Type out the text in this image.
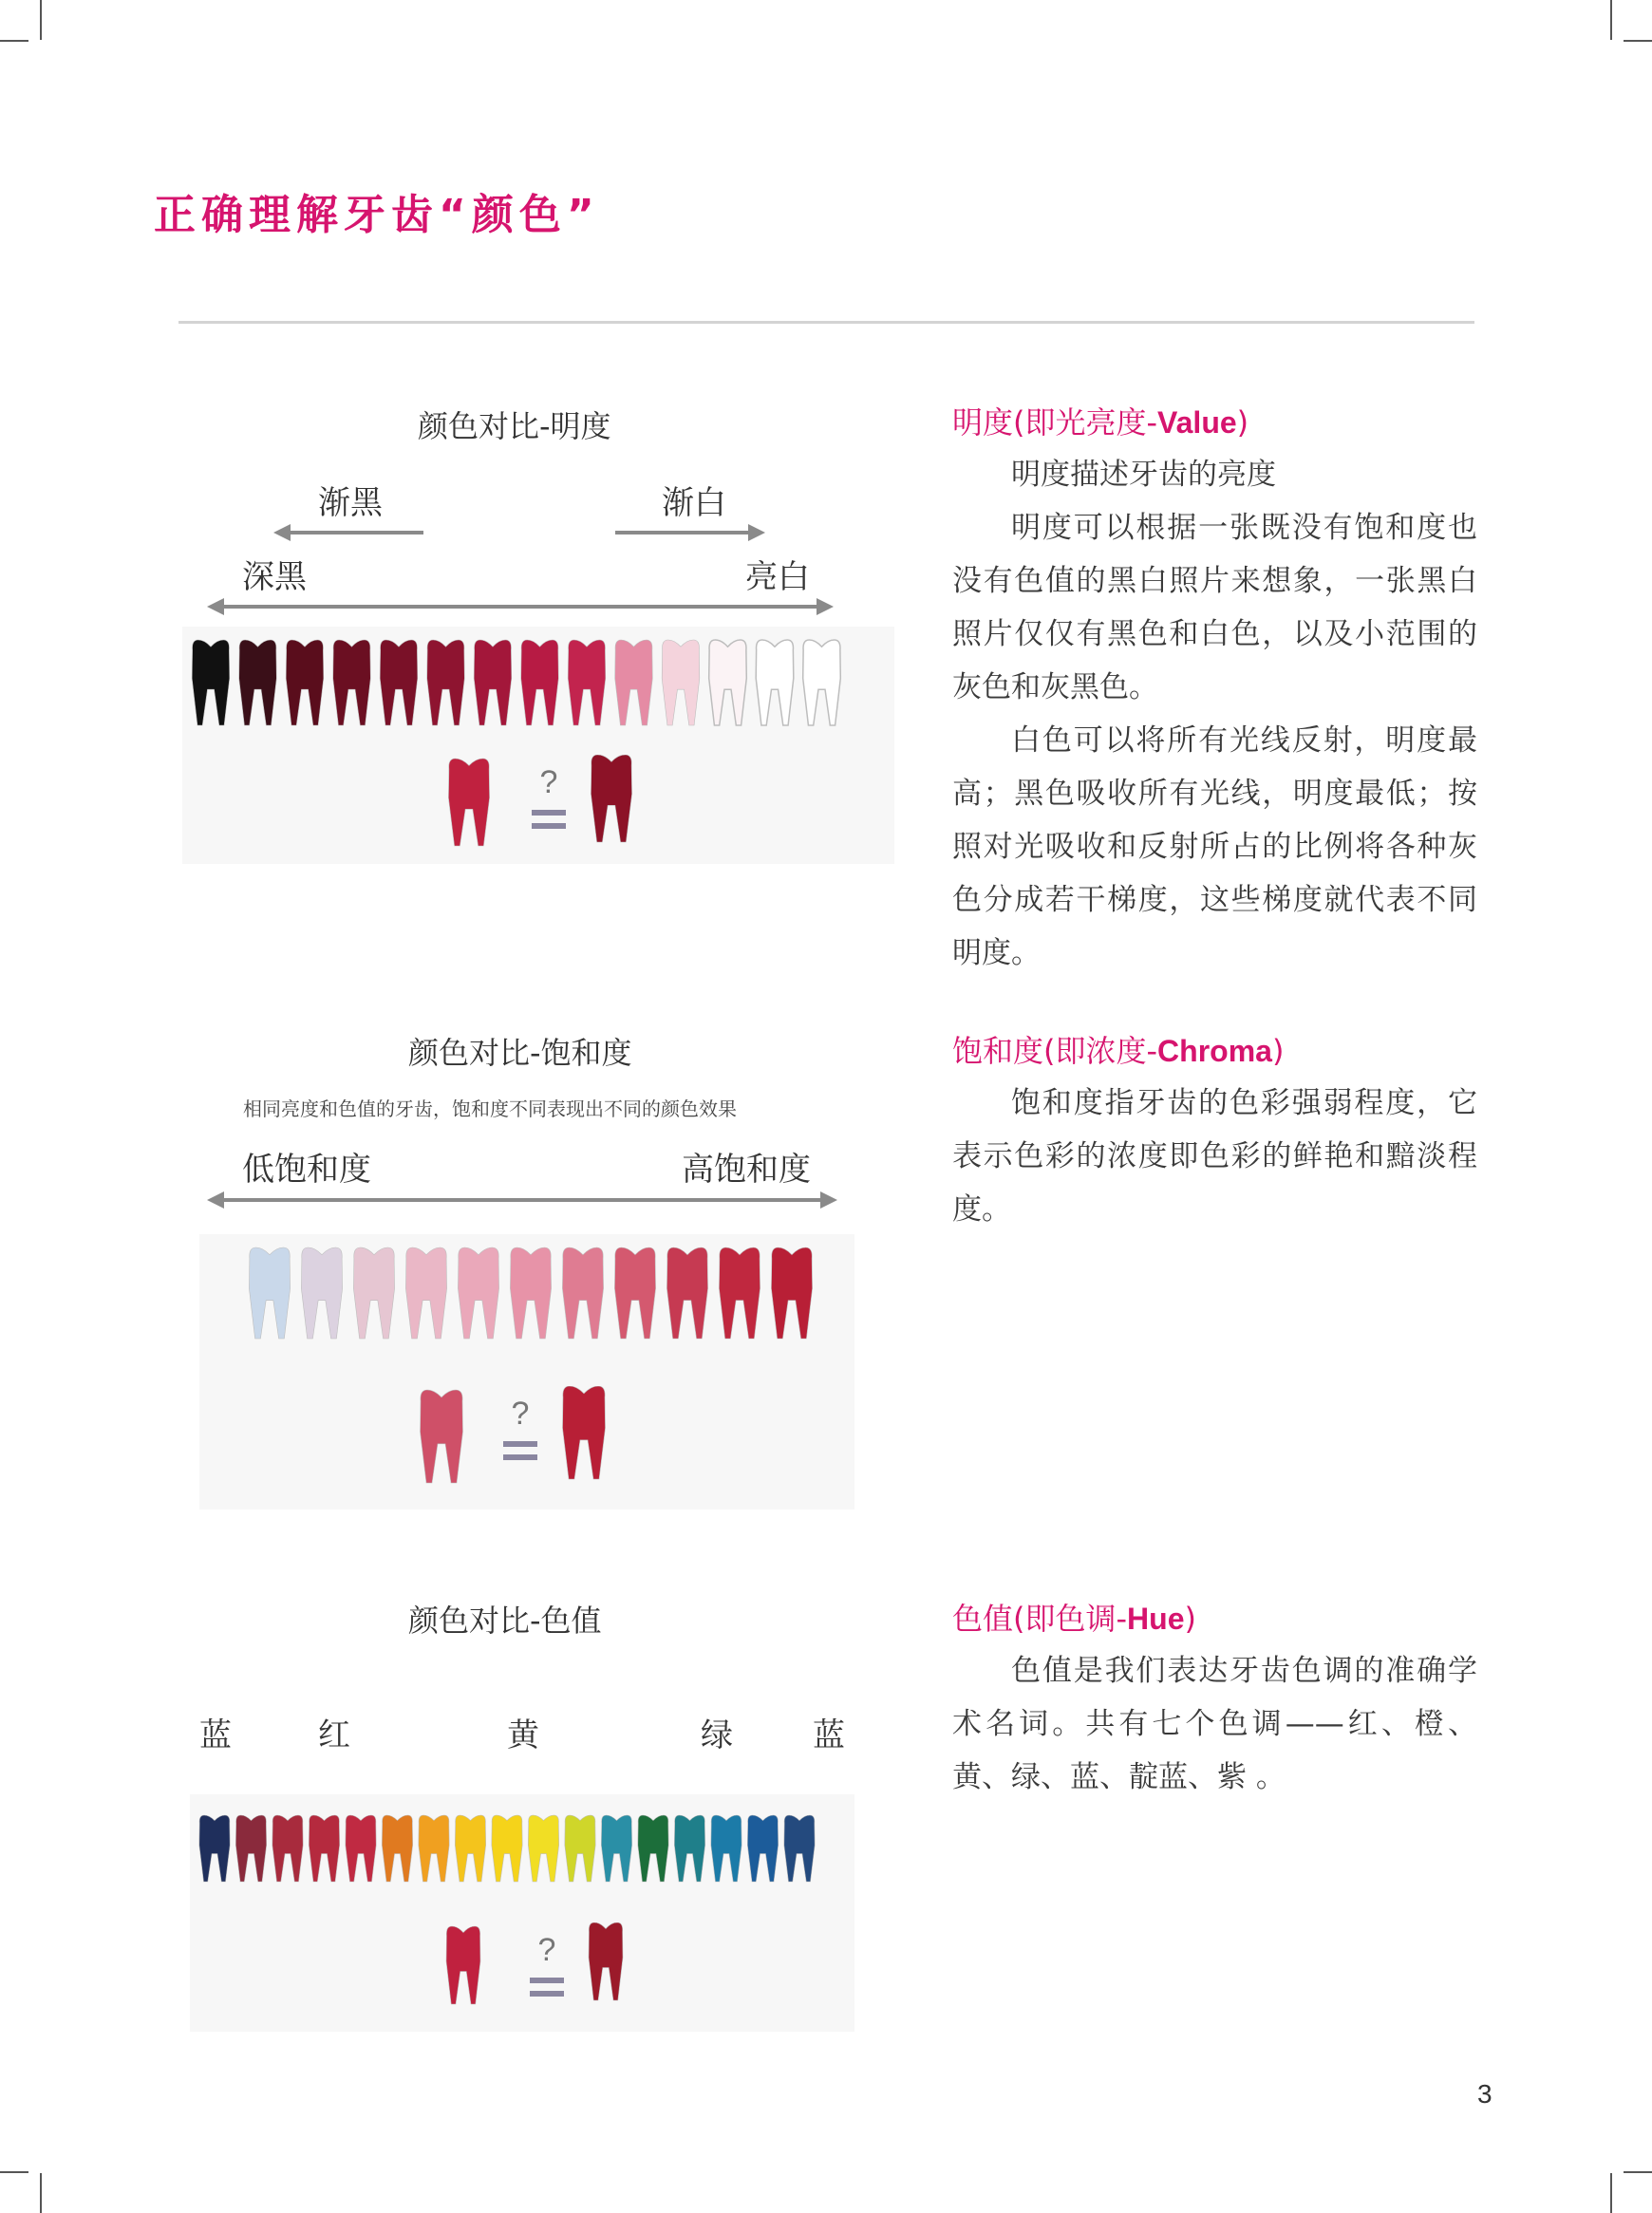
正确理解牙齿“颜色”
颜色对比-明度
渐黑	渐白
深黑	亮白
?
颜色对比-饱和度
相同亮度和色值的牙齿，饱和度不同表现出不同的颜色效果
低饱和度	高饱和度
?
颜色对比-色值
蓝	红	黄	绿 蓝
?
明度(即光亮度-Value)

明度描述牙齿的亮度

明度可以根据一张既没有饱和度也没有色值的黑白照片来想象，一张黑白照片仅仅有黑色和白色，以及小范围的灰色和灰黑色。

白色可以将所有光线反射，明度最高；黑色吸收所有光线，明度最低；按照对光吸收和反射所占的比例将各种灰色分成若干梯度，这些梯度就代表不同明度。

饱和度(即浓度-Chroma)

饱和度指牙齿的色彩强弱程度，它表示色彩的浓度即色彩的鲜艳和黯淡程度。

色值(即色调-Hue)

色值是我们表达牙齿色调的准确学术名词。共有七个色调——红、橙、黄、绿、蓝、靛蓝、紫 。

3
